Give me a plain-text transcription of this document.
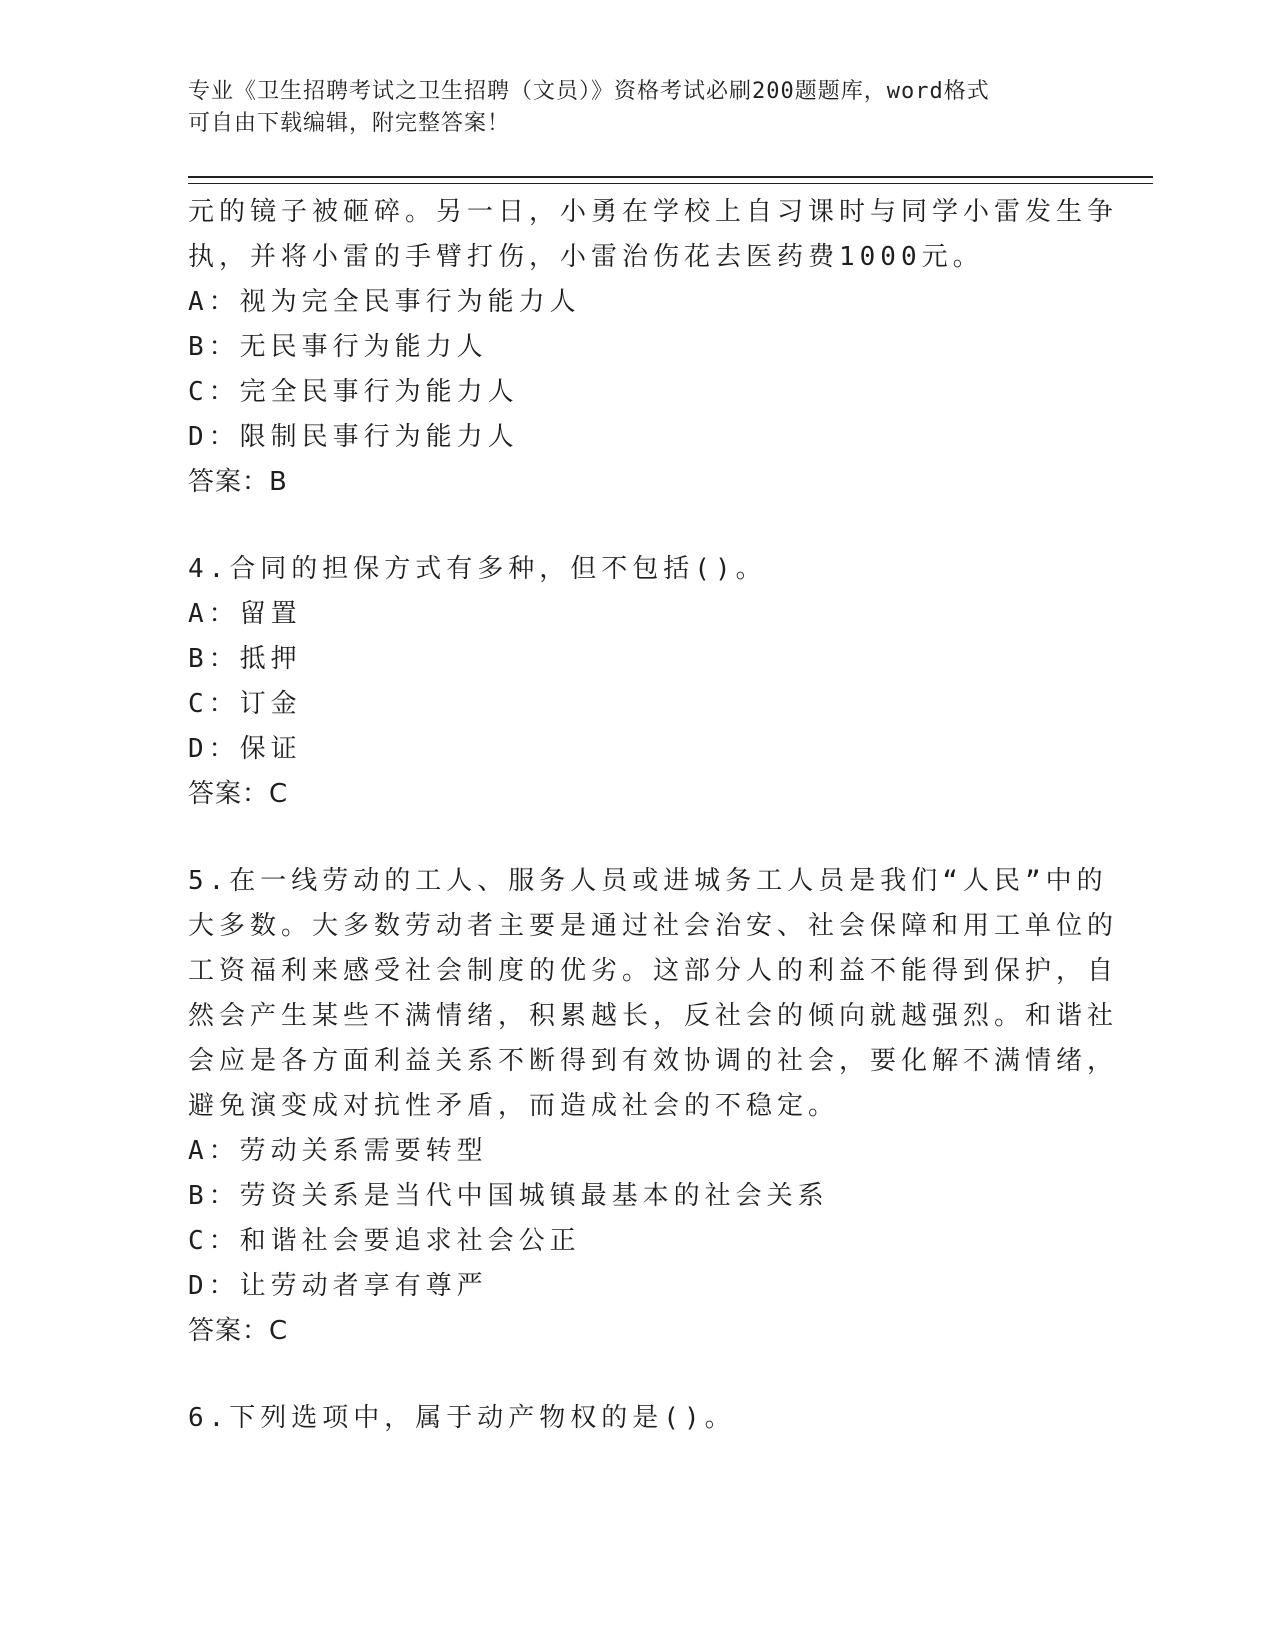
专业《卫生招聘考试之卫生招聘（文员）》资格考试必刷200题题库，word格式
可自由下载编辑，附完整答案！
元的镜子被砸碎。另一日，小勇在学校上自习课时与同学小雷发生争
执，并将小雷的手臂打伤，小雷治伤花去医药费1000元。
A：视为完全民事行为能力人
B：无民事行为能力人
C：完全民事行为能力人
D：限制民事行为能力人
答案：B
4.合同的担保方式有多种，但不包括()。
A：留置
B：抵押
C：订金
D：保证
答案：C
5.在一线劳动的工人、服务人员或进城务工人员是我们“人民”中的
大多数。大多数劳动者主要是通过社会治安、社会保障和用工单位的
工资福利来感受社会制度的优劣。这部分人的利益不能得到保护，自
然会产生某些不满情绪，积累越长，反社会的倾向就越强烈。和谐社
会应是各方面利益关系不断得到有效协调的社会，要化解不满情绪，
避免演变成对抗性矛盾，而造成社会的不稳定。
A：劳动关系需要转型
B：劳资关系是当代中国城镇最基本的社会关系
C：和谐社会要追求社会公正
D：让劳动者享有尊严
答案：C
6.下列选项中，属于动产物权的是()。
